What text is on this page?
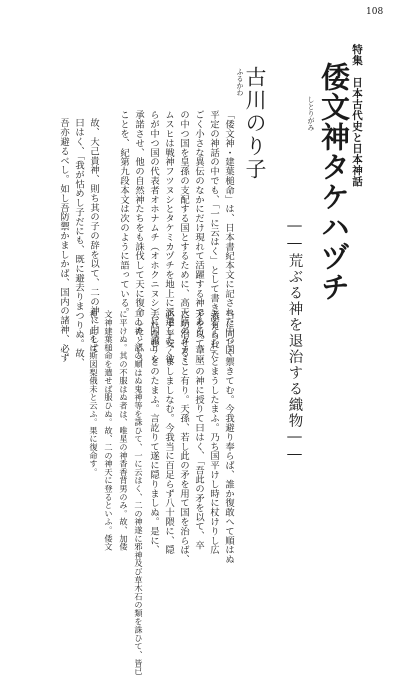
108
特集　日本古代史と日本神話
倭文神タケハヅチ
しとりがみ
――荒ぶる神を退治する織物――
古川のり子
ふるかわ
「倭文神・建葉槌命」は、日本書紀本文に記された中つ国
平定の神話の中でも、「一に云はく」として書き添えられた
ごく小さな異伝のなかにだけ現れて活躍する神である。葦原
の中つ国を皇孫の支配する国とするために、高天原のタカミ
ムスヒは戦神フツヌシとタケミカヅチを地上に派遣した。彼
らが中つ国の代表者オホナムチ（オホクニヌシ）に国譲りを
承諾させ、他の自然神たちをも誅伐して天に復命したという
ことを、紀第九段本文は次のように語っている。
故、大己貴神、則ち其の子の辞を以て、二の神に白して
曰はく、「我が怙めし子だにも、既に避去りまつりぬ。故、
吾亦避るべし。如し吾防禦かましかば、国内の諸神、必ず
当に同じく禦きてむ。今我避り奉らば、誰か復敢へて順はぬ
者有らむ」とまうしたまふ。乃ち国平けし時に杖けりし広
矛を以て、二の神に授りて曰はく、「吾此の矛を以て、卒
に功治せること有り。天孫、若し此の矛を用て国を治らば、
必ず平安くましましなむ。今我当に百足らず八十隈に、隠
去れなむ」とのたまふ。言訖りて遂に隠りましぬ。是に、
二の神、諸の順はぬ鬼神等を誅ひて、一に云はく、二の神遂に邪神及び草木石の類を誅ひて、皆已
に平けぬ。其の不服はぬ者は、唯星の神香香背男のみ。故、加倭
文神建葉槌命を遣せば服ひぬ。故、二の神天に登るといふ。倭文
神、此をば斯図梨俄未と云ふ。果に復命す。
